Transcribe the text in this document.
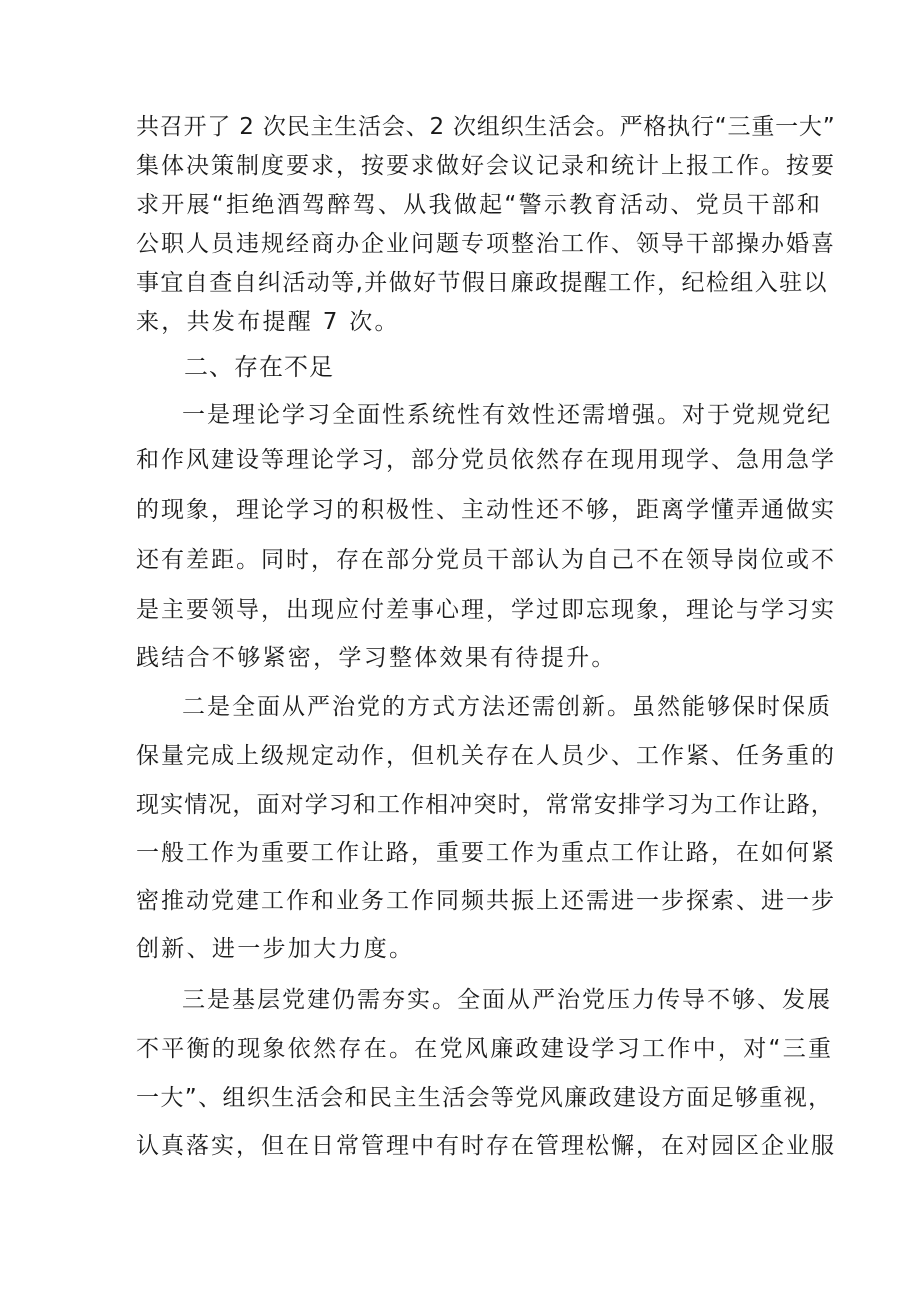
共召开了 2 次民主生活会、2 次组织生活会。严格执行“三重一大”
集体决策制度要求，按要求做好会议记录和统计上报工作。按要
求开展“拒绝酒驾醉驾、从我做起“警示教育活动、党员干部和
公职人员违规经商办企业问题专项整治工作、领导干部操办婚喜
事宜自查自纠活动等,并做好节假日廉政提醒工作，纪检组入驻以
来，共发布提醒 7 次。
二、存在不足
一是理论学习全面性系统性有效性还需增强。对于党规党纪
和作风建设等理论学习，部分党员依然存在现用现学、急用急学
的现象，理论学习的积极性、主动性还不够，距离学懂弄通做实
还有差距。同时，存在部分党员干部认为自己不在领导岗位或不
是主要领导，出现应付差事心理，学过即忘现象，理论与学习实
践结合不够紧密，学习整体效果有待提升。
二是全面从严治党的方式方法还需创新。虽然能够保时保质
保量完成上级规定动作，但机关存在人员少、工作紧、任务重的
现实情况，面对学习和工作相冲突时，常常安排学习为工作让路，
一般工作为重要工作让路，重要工作为重点工作让路，在如何紧
密推动党建工作和业务工作同频共振上还需进一步探索、进一步
创新、进一步加大力度。
三是基层党建仍需夯实。全面从严治党压力传导不够、发展
不平衡的现象依然存在。在党风廉政建设学习工作中，对“三重
一大”、组织生活会和民主生活会等党风廉政建设方面足够重视，
认真落实，但在日常管理中有时存在管理松懈，在对园区企业服
